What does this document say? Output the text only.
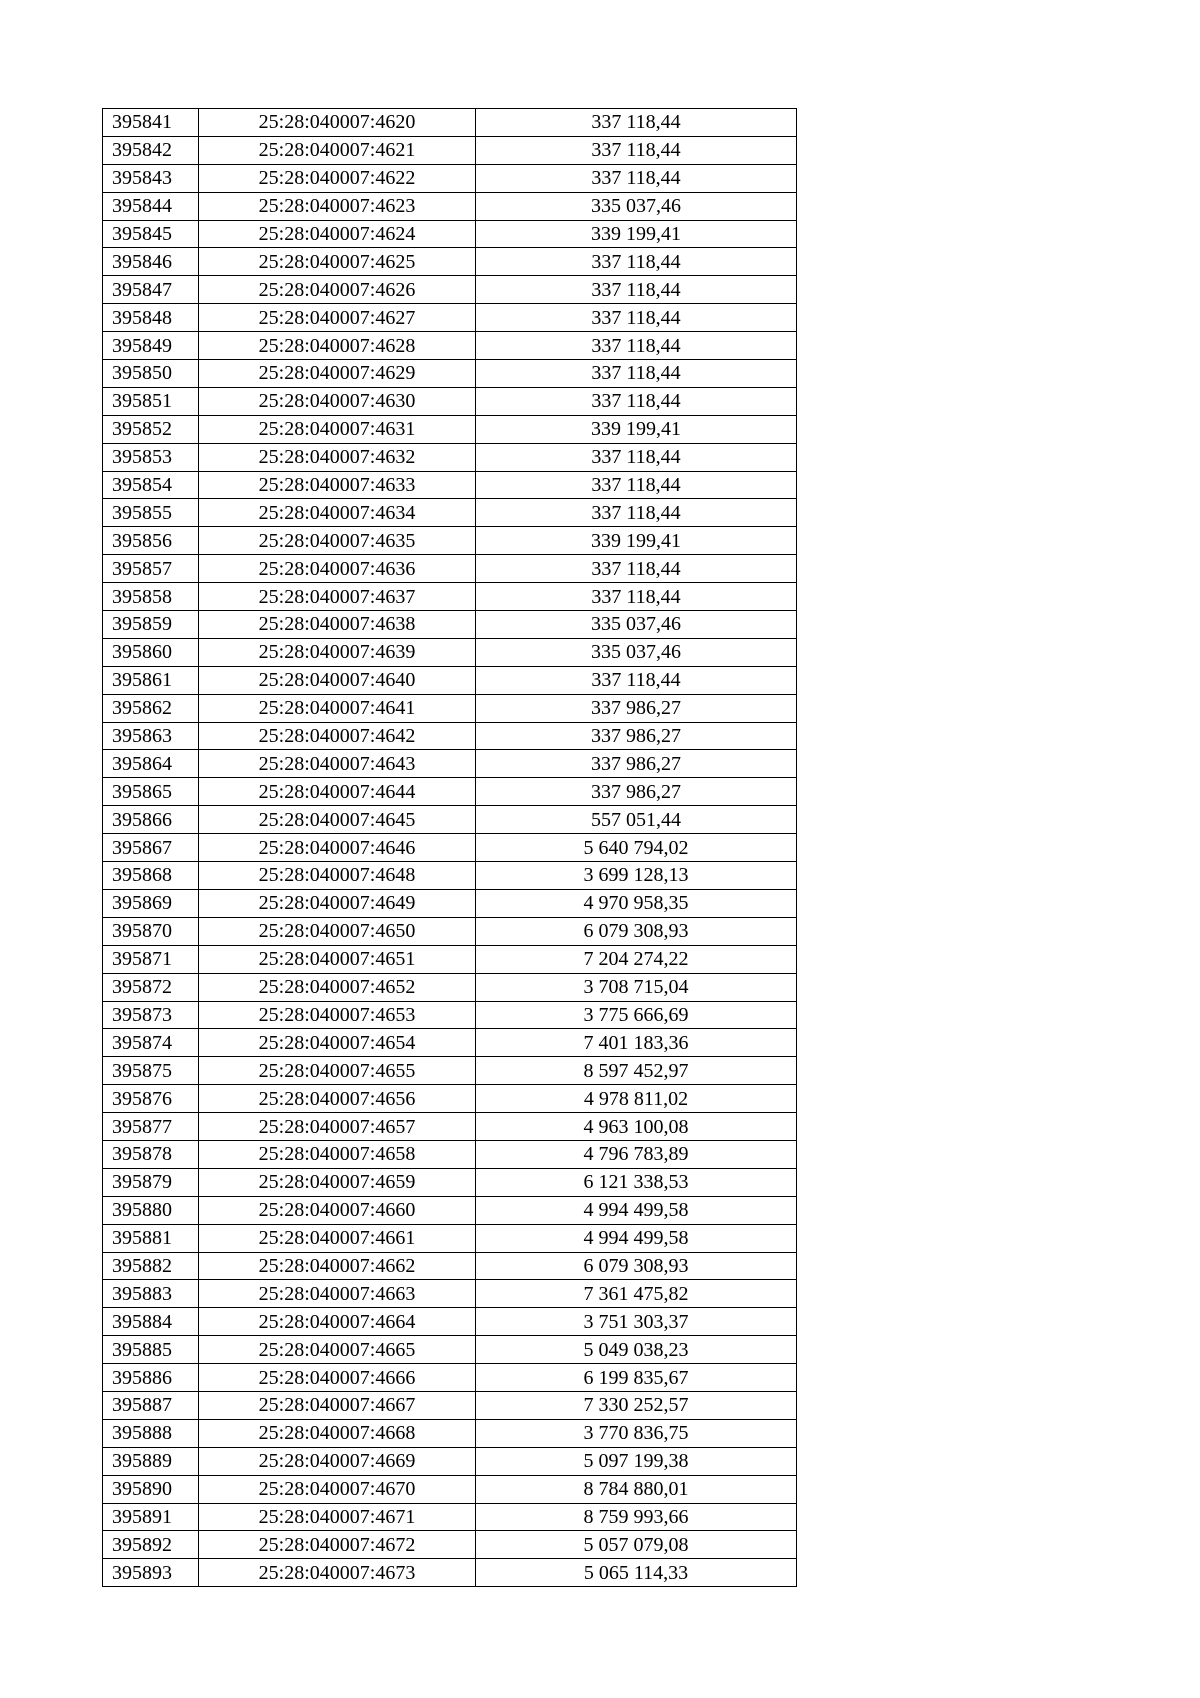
395841	25:28:040007:4620	337 118,44
395842	25:28:040007:4621	337 118,44
395843	25:28:040007:4622	337 118,44
395844	25:28:040007:4623	335 037,46
395845	25:28:040007:4624	339 199,41
395846	25:28:040007:4625	337 118,44
395847	25:28:040007:4626	337 118,44
395848	25:28:040007:4627	337 118,44
395849	25:28:040007:4628	337 118,44
395850	25:28:040007:4629	337 118,44
395851	25:28:040007:4630	337 118,44
395852	25:28:040007:4631	339 199,41
395853	25:28:040007:4632	337 118,44
395854	25:28:040007:4633	337 118,44
395855	25:28:040007:4634	337 118,44
395856	25:28:040007:4635	339 199,41
395857	25:28:040007:4636	337 118,44
395858	25:28:040007:4637	337 118,44
395859	25:28:040007:4638	335 037,46
395860	25:28:040007:4639	335 037,46
395861	25:28:040007:4640	337 118,44
395862	25:28:040007:4641	337 986,27
395863	25:28:040007:4642	337 986,27
395864	25:28:040007:4643	337 986,27
395865	25:28:040007:4644	337 986,27
395866	25:28:040007:4645	557 051,44
395867	25:28:040007:4646	5 640 794,02
395868	25:28:040007:4648	3 699 128,13
395869	25:28:040007:4649	4 970 958,35
395870	25:28:040007:4650	6 079 308,93
395871	25:28:040007:4651	7 204 274,22
395872	25:28:040007:4652	3 708 715,04
395873	25:28:040007:4653	3 775 666,69
395874	25:28:040007:4654	7 401 183,36
395875	25:28:040007:4655	8 597 452,97
395876	25:28:040007:4656	4 978 811,02
395877	25:28:040007:4657	4 963 100,08
395878	25:28:040007:4658	4 796 783,89
395879	25:28:040007:4659	6 121 338,53
395880	25:28:040007:4660	4 994 499,58
395881	25:28:040007:4661	4 994 499,58
395882	25:28:040007:4662	6 079 308,93
395883	25:28:040007:4663	7 361 475,82
395884	25:28:040007:4664	3 751 303,37
395885	25:28:040007:4665	5 049 038,23
395886	25:28:040007:4666	6 199 835,67
395887	25:28:040007:4667	7 330 252,57
395888	25:28:040007:4668	3 770 836,75
395889	25:28:040007:4669	5 097 199,38
395890	25:28:040007:4670	8 784 880,01
395891	25:28:040007:4671	8 759 993,66
395892	25:28:040007:4672	5 057 079,08
395893	25:28:040007:4673	5 065 114,33
